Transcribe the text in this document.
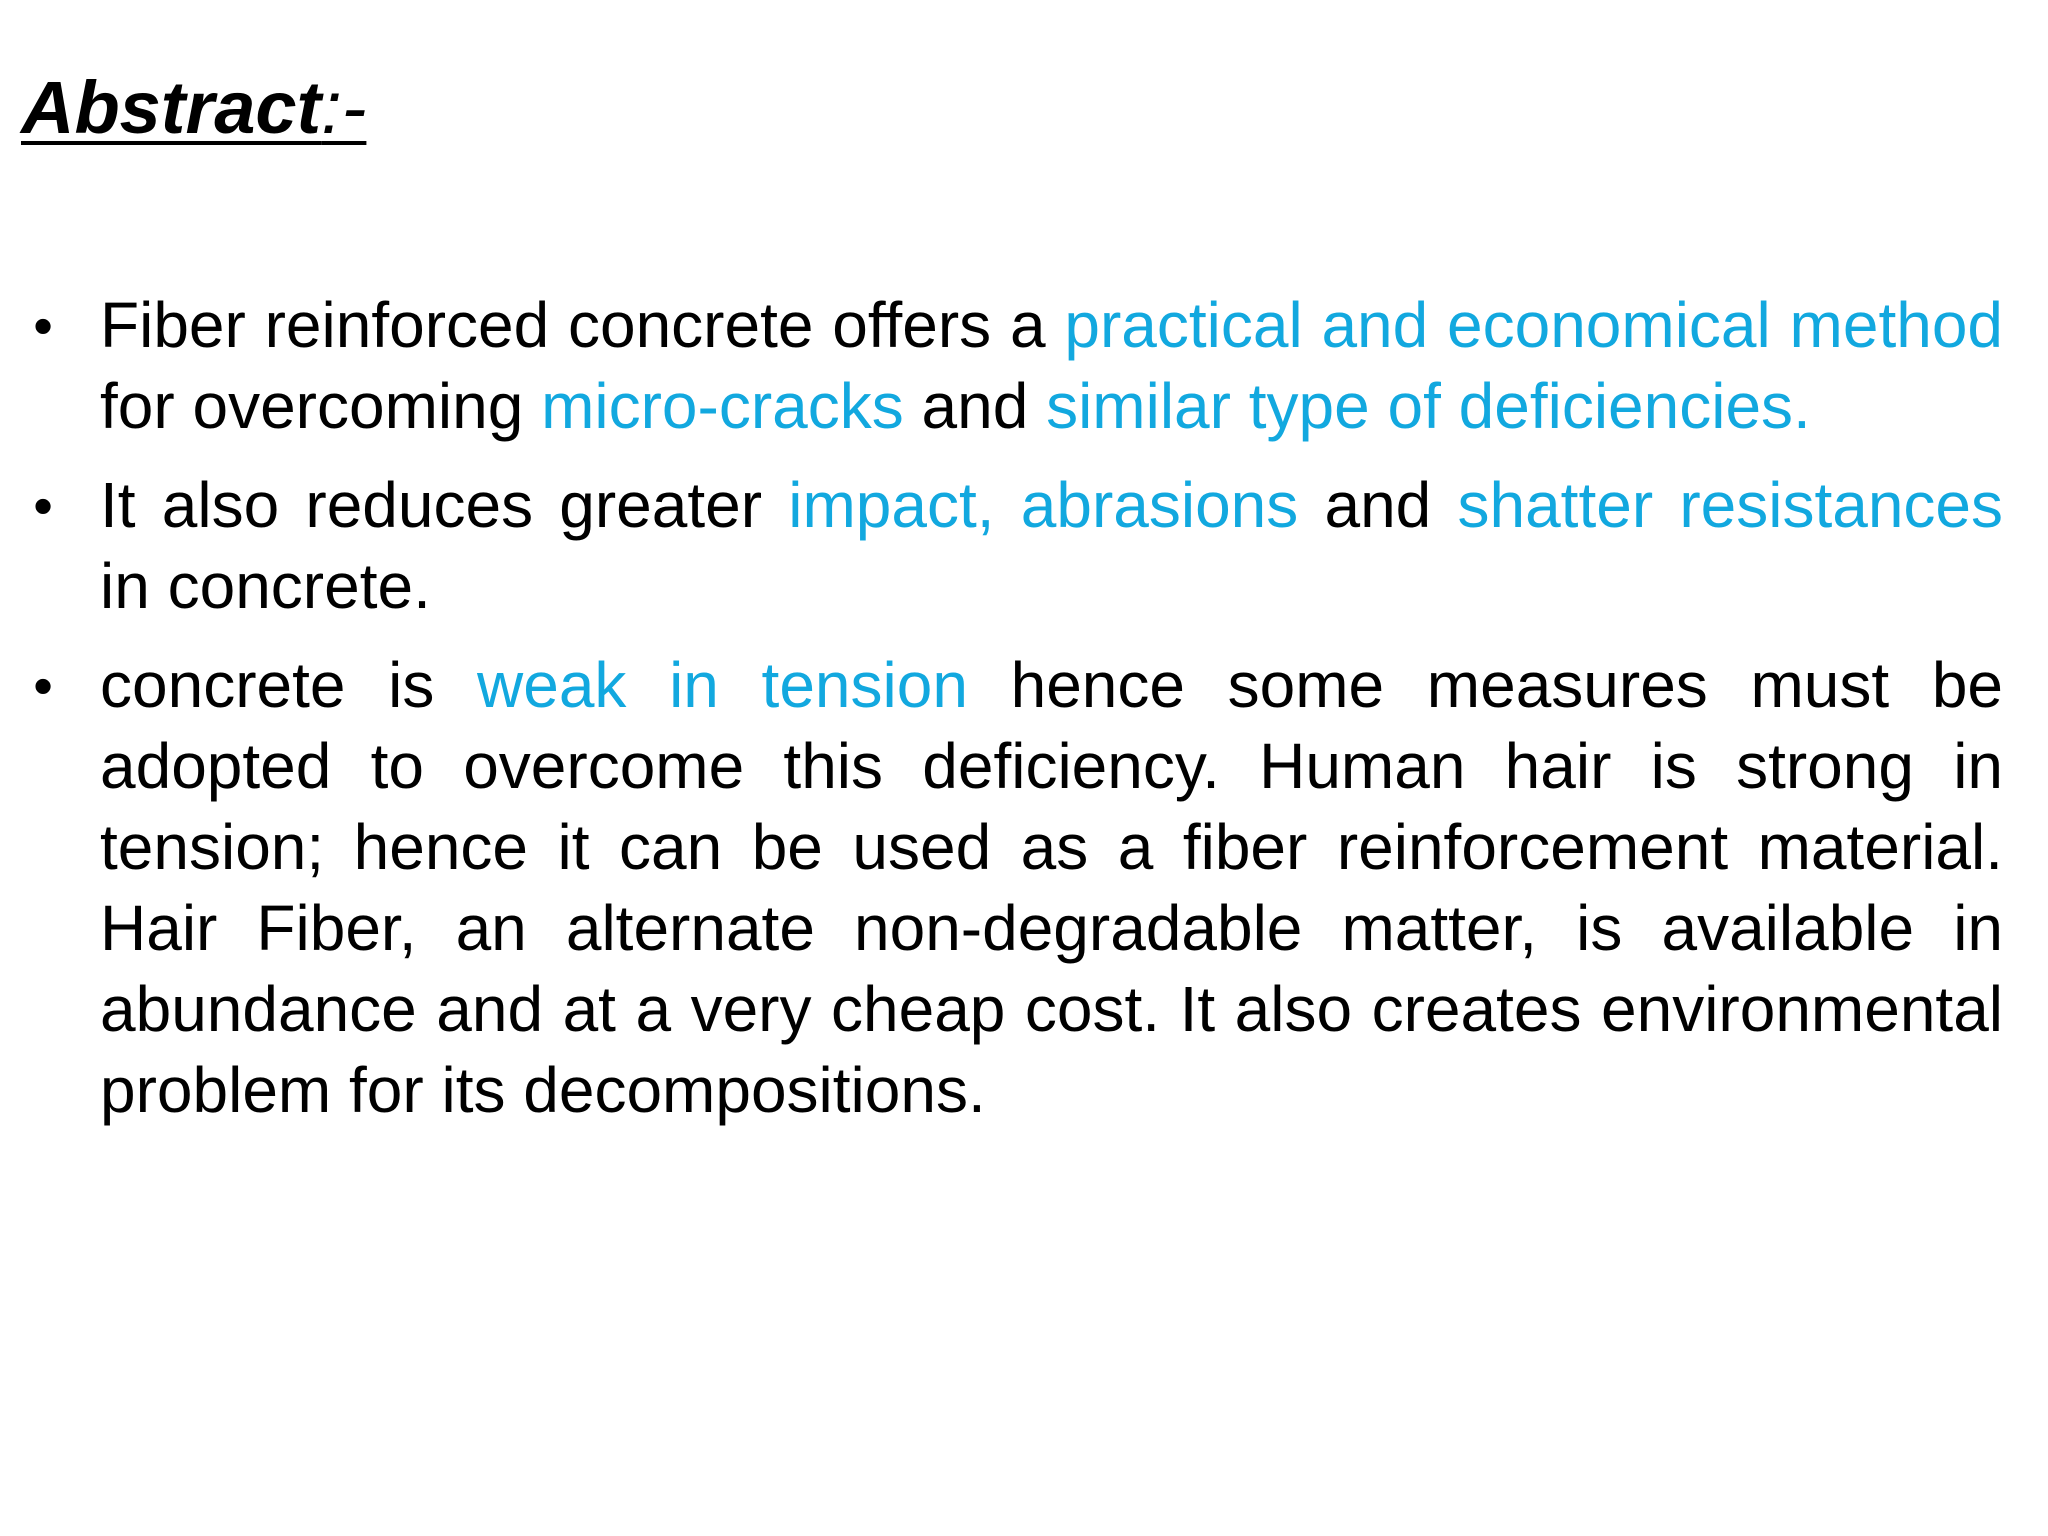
Abstract:-
• Fiber reinforced concrete offers a practical and economical method for overcoming micro-cracks and similar type of deficiencies.
• It also reduces greater impact, abrasions and shatter resistances in concrete.
• concrete is weak in tension hence some measures must be adopted to overcome this deficiency. Human hair is strong in tension; hence it can be used as a fiber reinforcement material. Hair Fiber, an alternate non-degradable matter, is available in abundance and at a very cheap cost. It also creates environmental problem for its decompositions.
